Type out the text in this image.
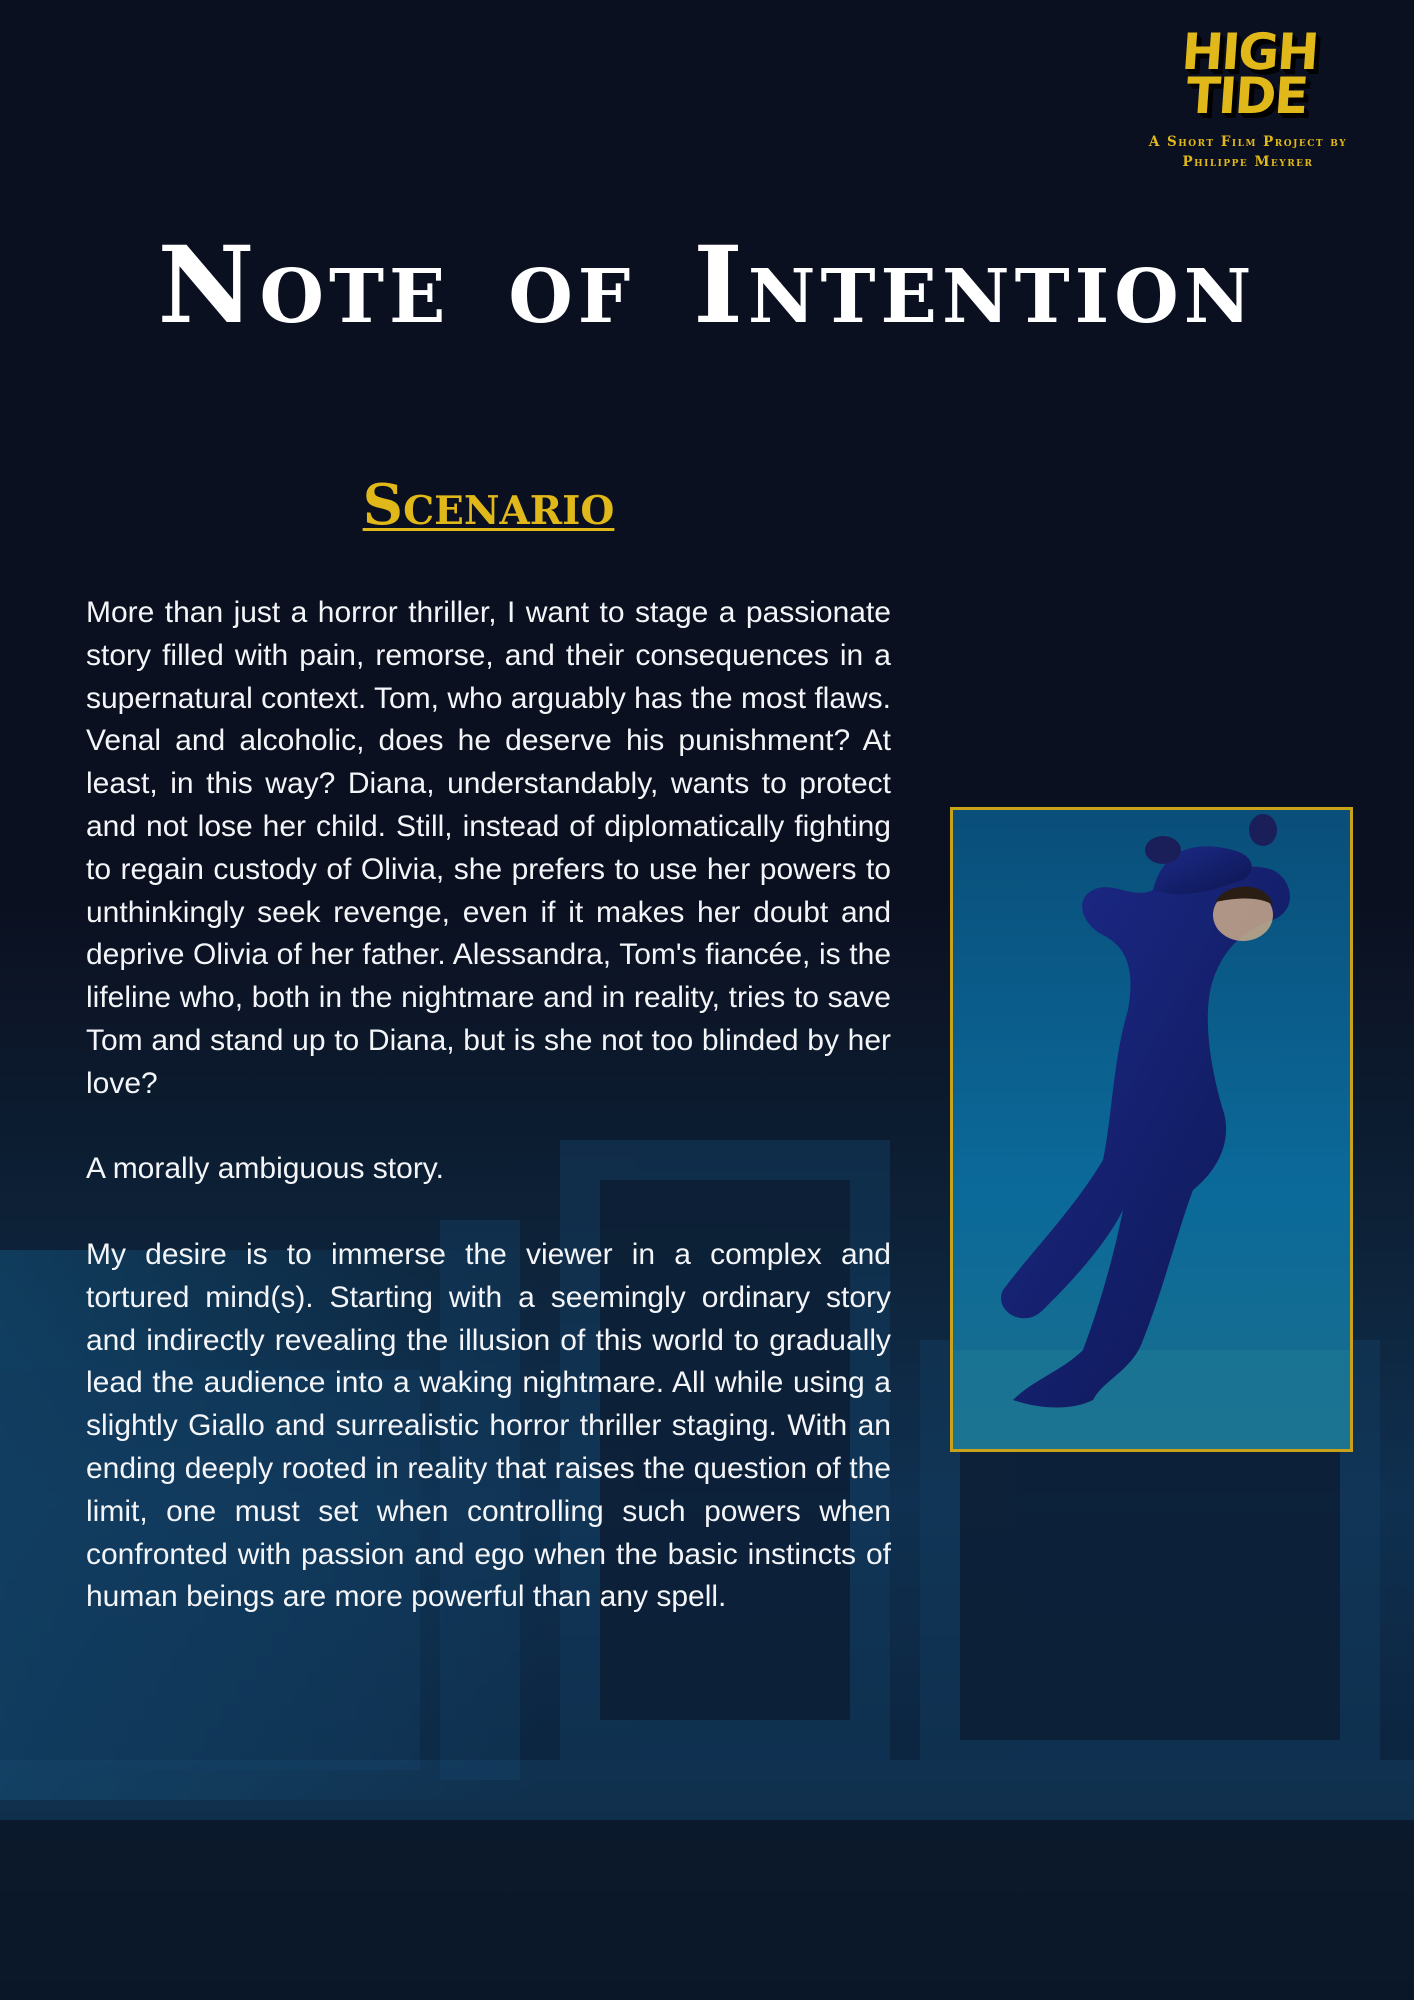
HIGH
TIDE
A Short Film Project by Philippe Meyrer
Note of Intention
Scenario

More than just a horror thriller, I want to stage a passionate story filled with pain, remorse, and their consequences in a supernatural context. Tom, who arguably has the most flaws. Venal and alcoholic, does he deserve his punishment? At least, in this way? Diana, understandably, wants to protect and not lose her child. Still, instead of diplomatically fighting to regain custody of Olivia, she prefers to use her powers to unthinkingly seek revenge, even if it makes her doubt and deprive Olivia of her father. Alessandra, Tom's fiancée, is the lifeline who, both in the nightmare and in reality, tries to save Tom and stand up to Diana, but is she not too blinded by her love?

A morally ambiguous story.

My desire is to immerse the viewer in a complex and tortured mind(s). Starting with a seemingly ordinary story and indirectly revealing the illusion of this world to gradually lead the audience into a waking nightmare. All while using a slightly Giallo and surrealistic horror thriller staging. With an ending deeply rooted in reality that raises the question of the limit, one must set when controlling such powers when confronted with passion and ego when the basic instincts of human beings are more powerful than any spell.
